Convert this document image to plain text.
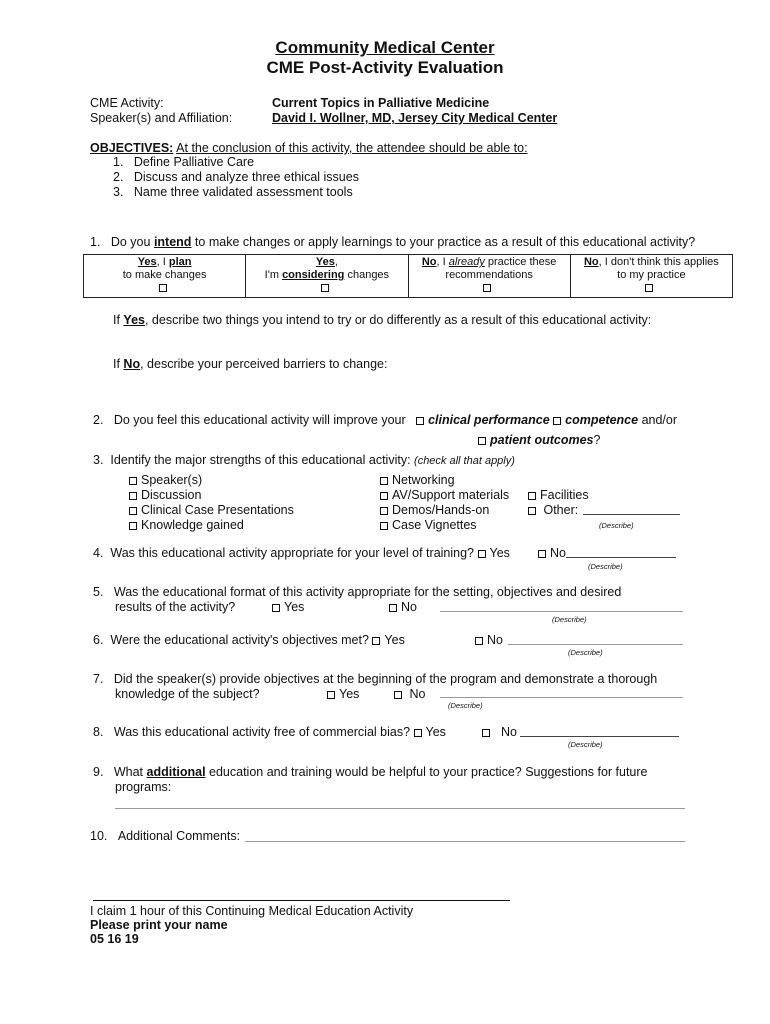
Community Medical Center
CME Post-Activity Evaluation
CME Activity:	Current Topics in Palliative Medicine
Speaker(s) and Affiliation:	David I. Wollner, MD, Jersey City Medical Center
OBJECTIVES: At the conclusion of this activity, the attendee should be able to:
1.   Define Palliative Care
2.   Discuss and analyze three ethical issues
3.   Name three validated assessment tools
1. Do you intend to make changes or apply learnings to your practice as a result of this educational activity?
Yes, I plan
to make changes
	Yes,
I'm considering changes
	No, I already practice these
recommendations
	No, I don't think this applies
to my practice

If Yes, describe two things you intend to try or do differently as a result of this educational activity:
If No, describe your perceived barriers to change:
2. Do you feel this educational activity will improve your clinical performance competence and/or
patient outcomes?
3. Identify the major strengths of this educational activity: (check all that apply)
Speaker(s)
Discussion
Clinical Case Presentations
Knowledge gained
Networking
AV/Support materials
Demos/Hands-on
Case Vignettes
Facilities
Other:
(Describe)
4. Was this educational activity appropriate for your level of training? Yes	No
(Describe)
5. Was the educational format of this activity appropriate for the setting, objectives and desired
results of the activity?	Yes	No
(Describe)
6. Were the educational activity's objectives met? Yes	No
(Describe)
7. Did the speaker(s) provide objectives at the beginning of the program and demonstrate a thorough
knowledge of the subject?	Yes	No
(Describe)
8. Was this educational activity free of commercial bias? Yes	No
(Describe)
9. What additional education and training would be helpful to your practice? Suggestions for future
programs:
10. Additional Comments:
I claim 1 hour of this Continuing Medical Education Activity
Please print your name
05 16 19
